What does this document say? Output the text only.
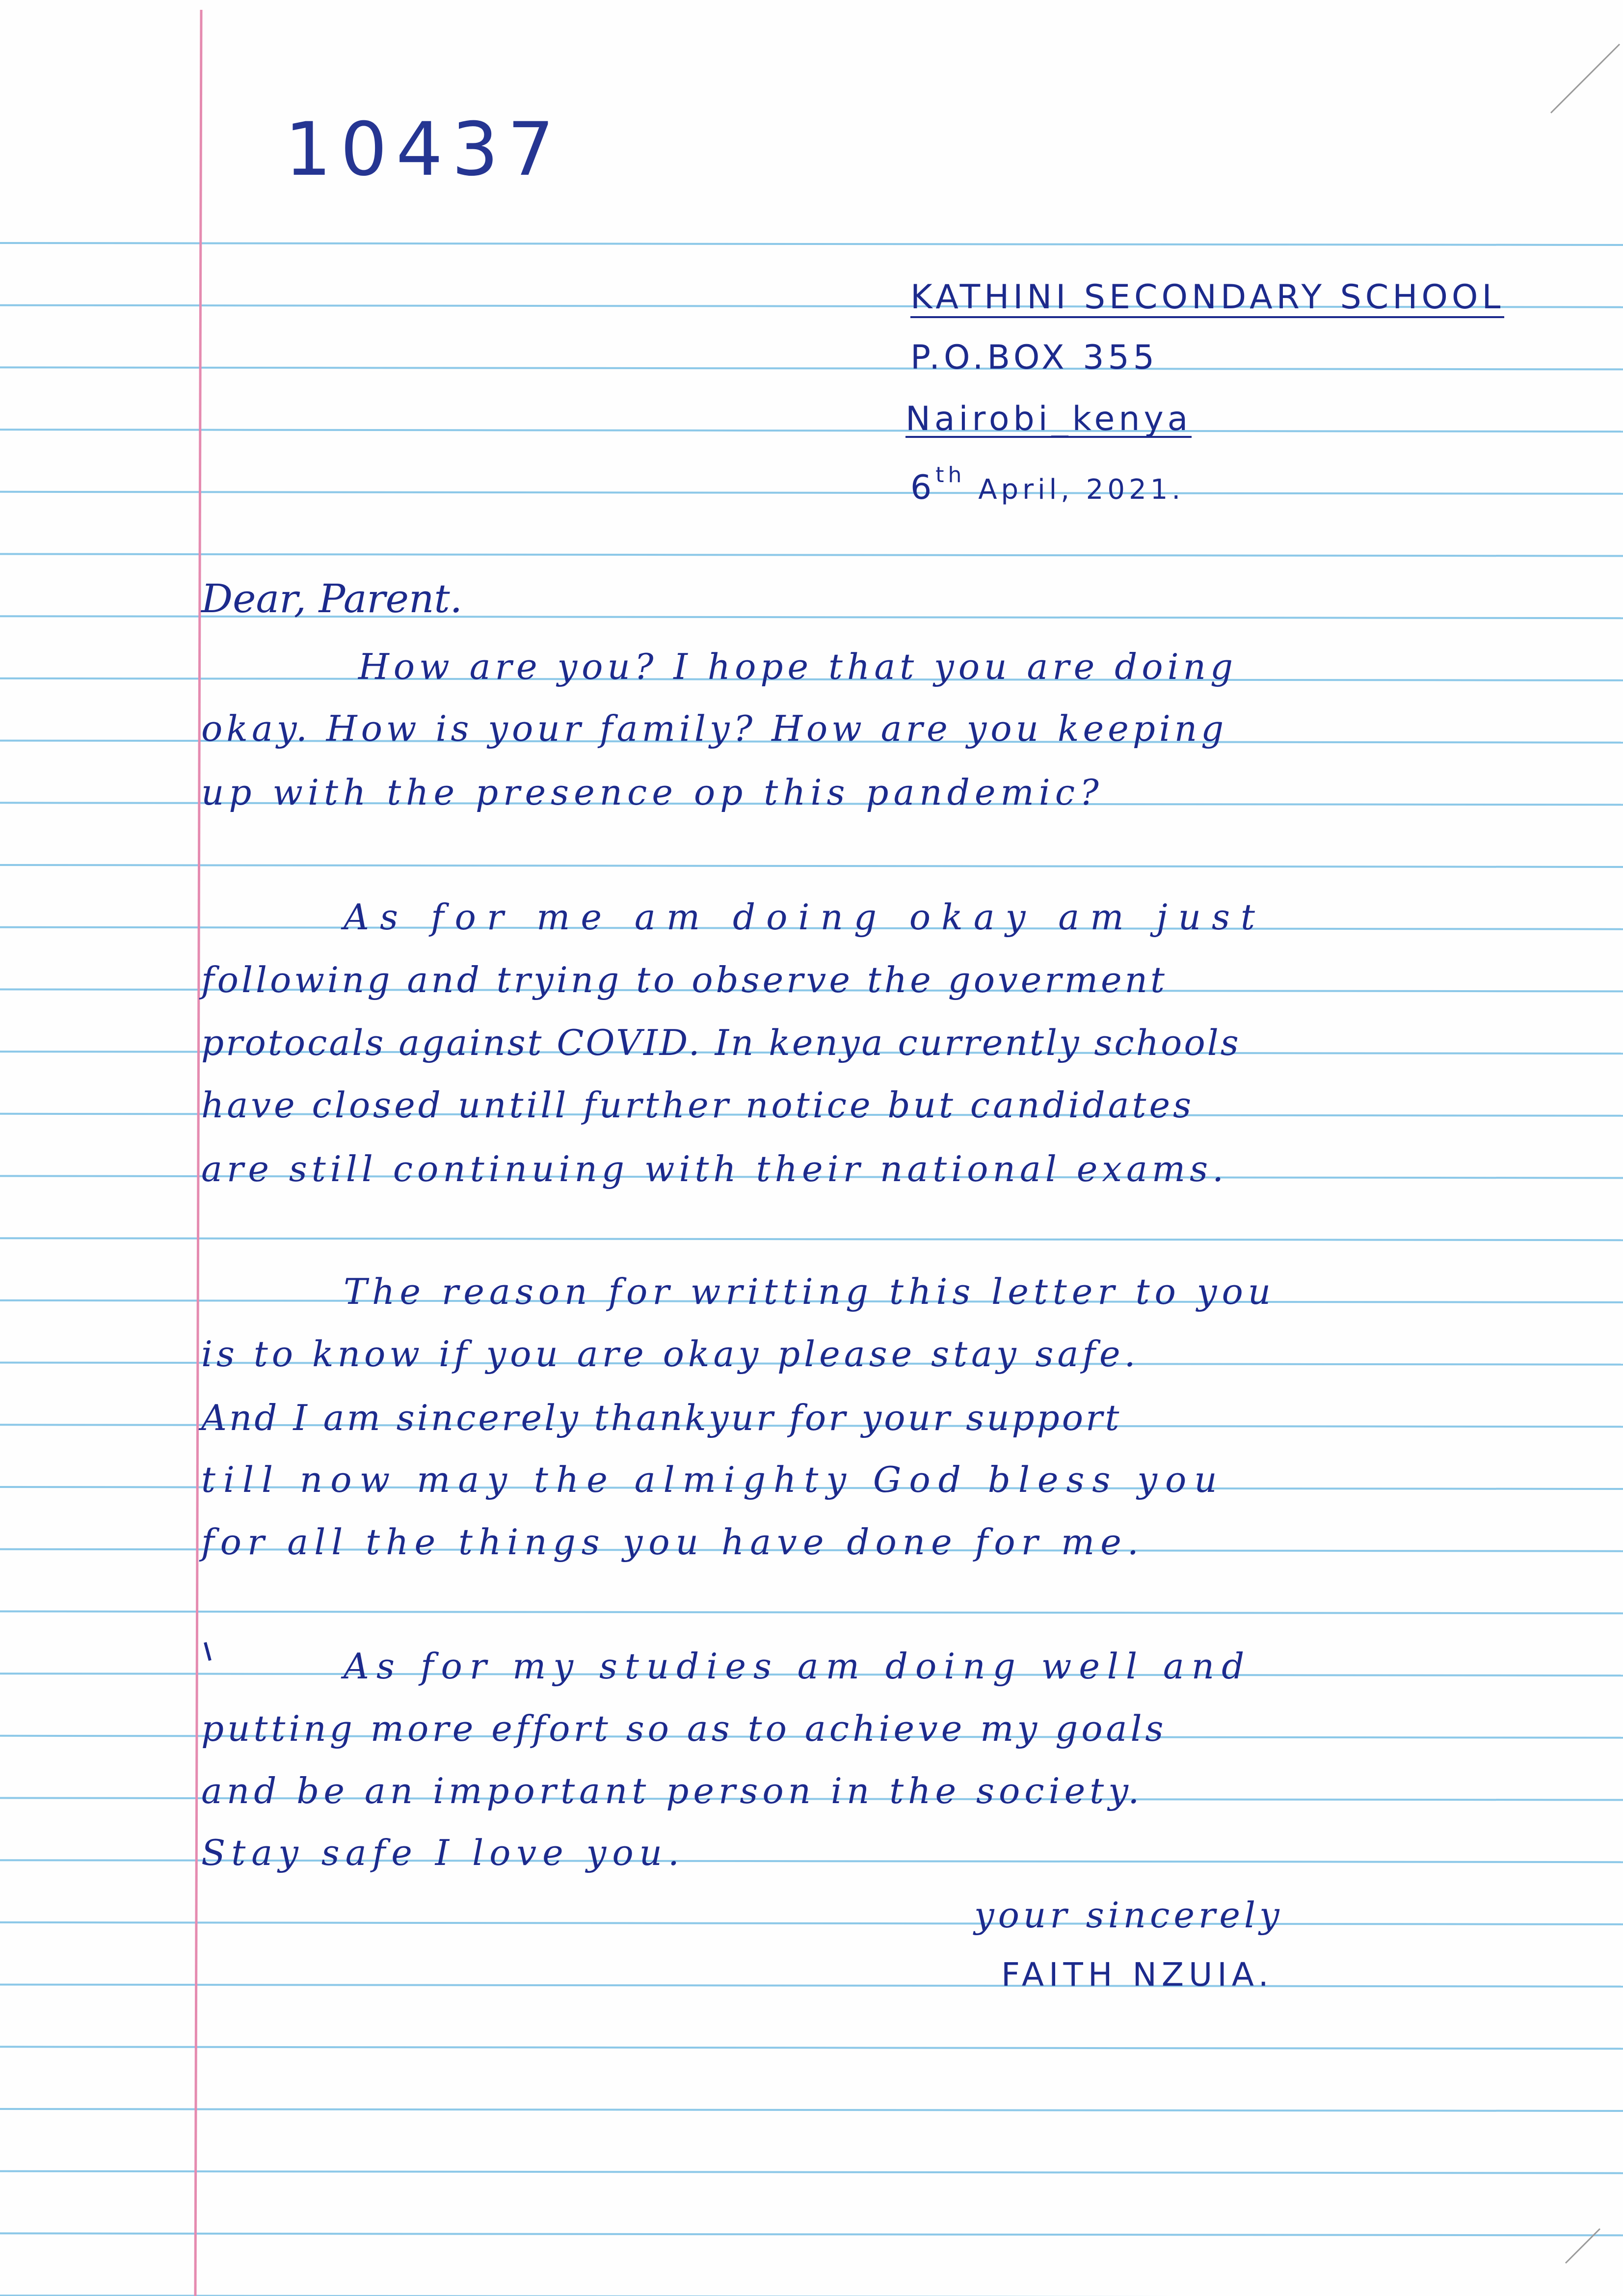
10437
KATHINI SECONDARY SCHOOL
P.O.BOX 355
Nairobi_kenya
6th April, 2021.
Dear, Parent.
How are you? I hope that you are doing
okay. How is your family? How are you keeping
up with the presence op this pandemic?
As for me am doing okay am just
following and trying to observe the goverment
protocals against COVID. In kenya currently schools
have closed untill further notice but candidates
are still continuing with their national exams.
The reason for writting this letter to you
is to know if you are okay please stay safe.
And I am sincerely thankyur for your support
till now may the almighty God bless you
for all the things you have done for me.
As for my studies am doing well and
putting more effort so as to achieve my goals
and be an important person in the society.
Stay safe I love you.
your sincerely
FAITH NZUIA.
